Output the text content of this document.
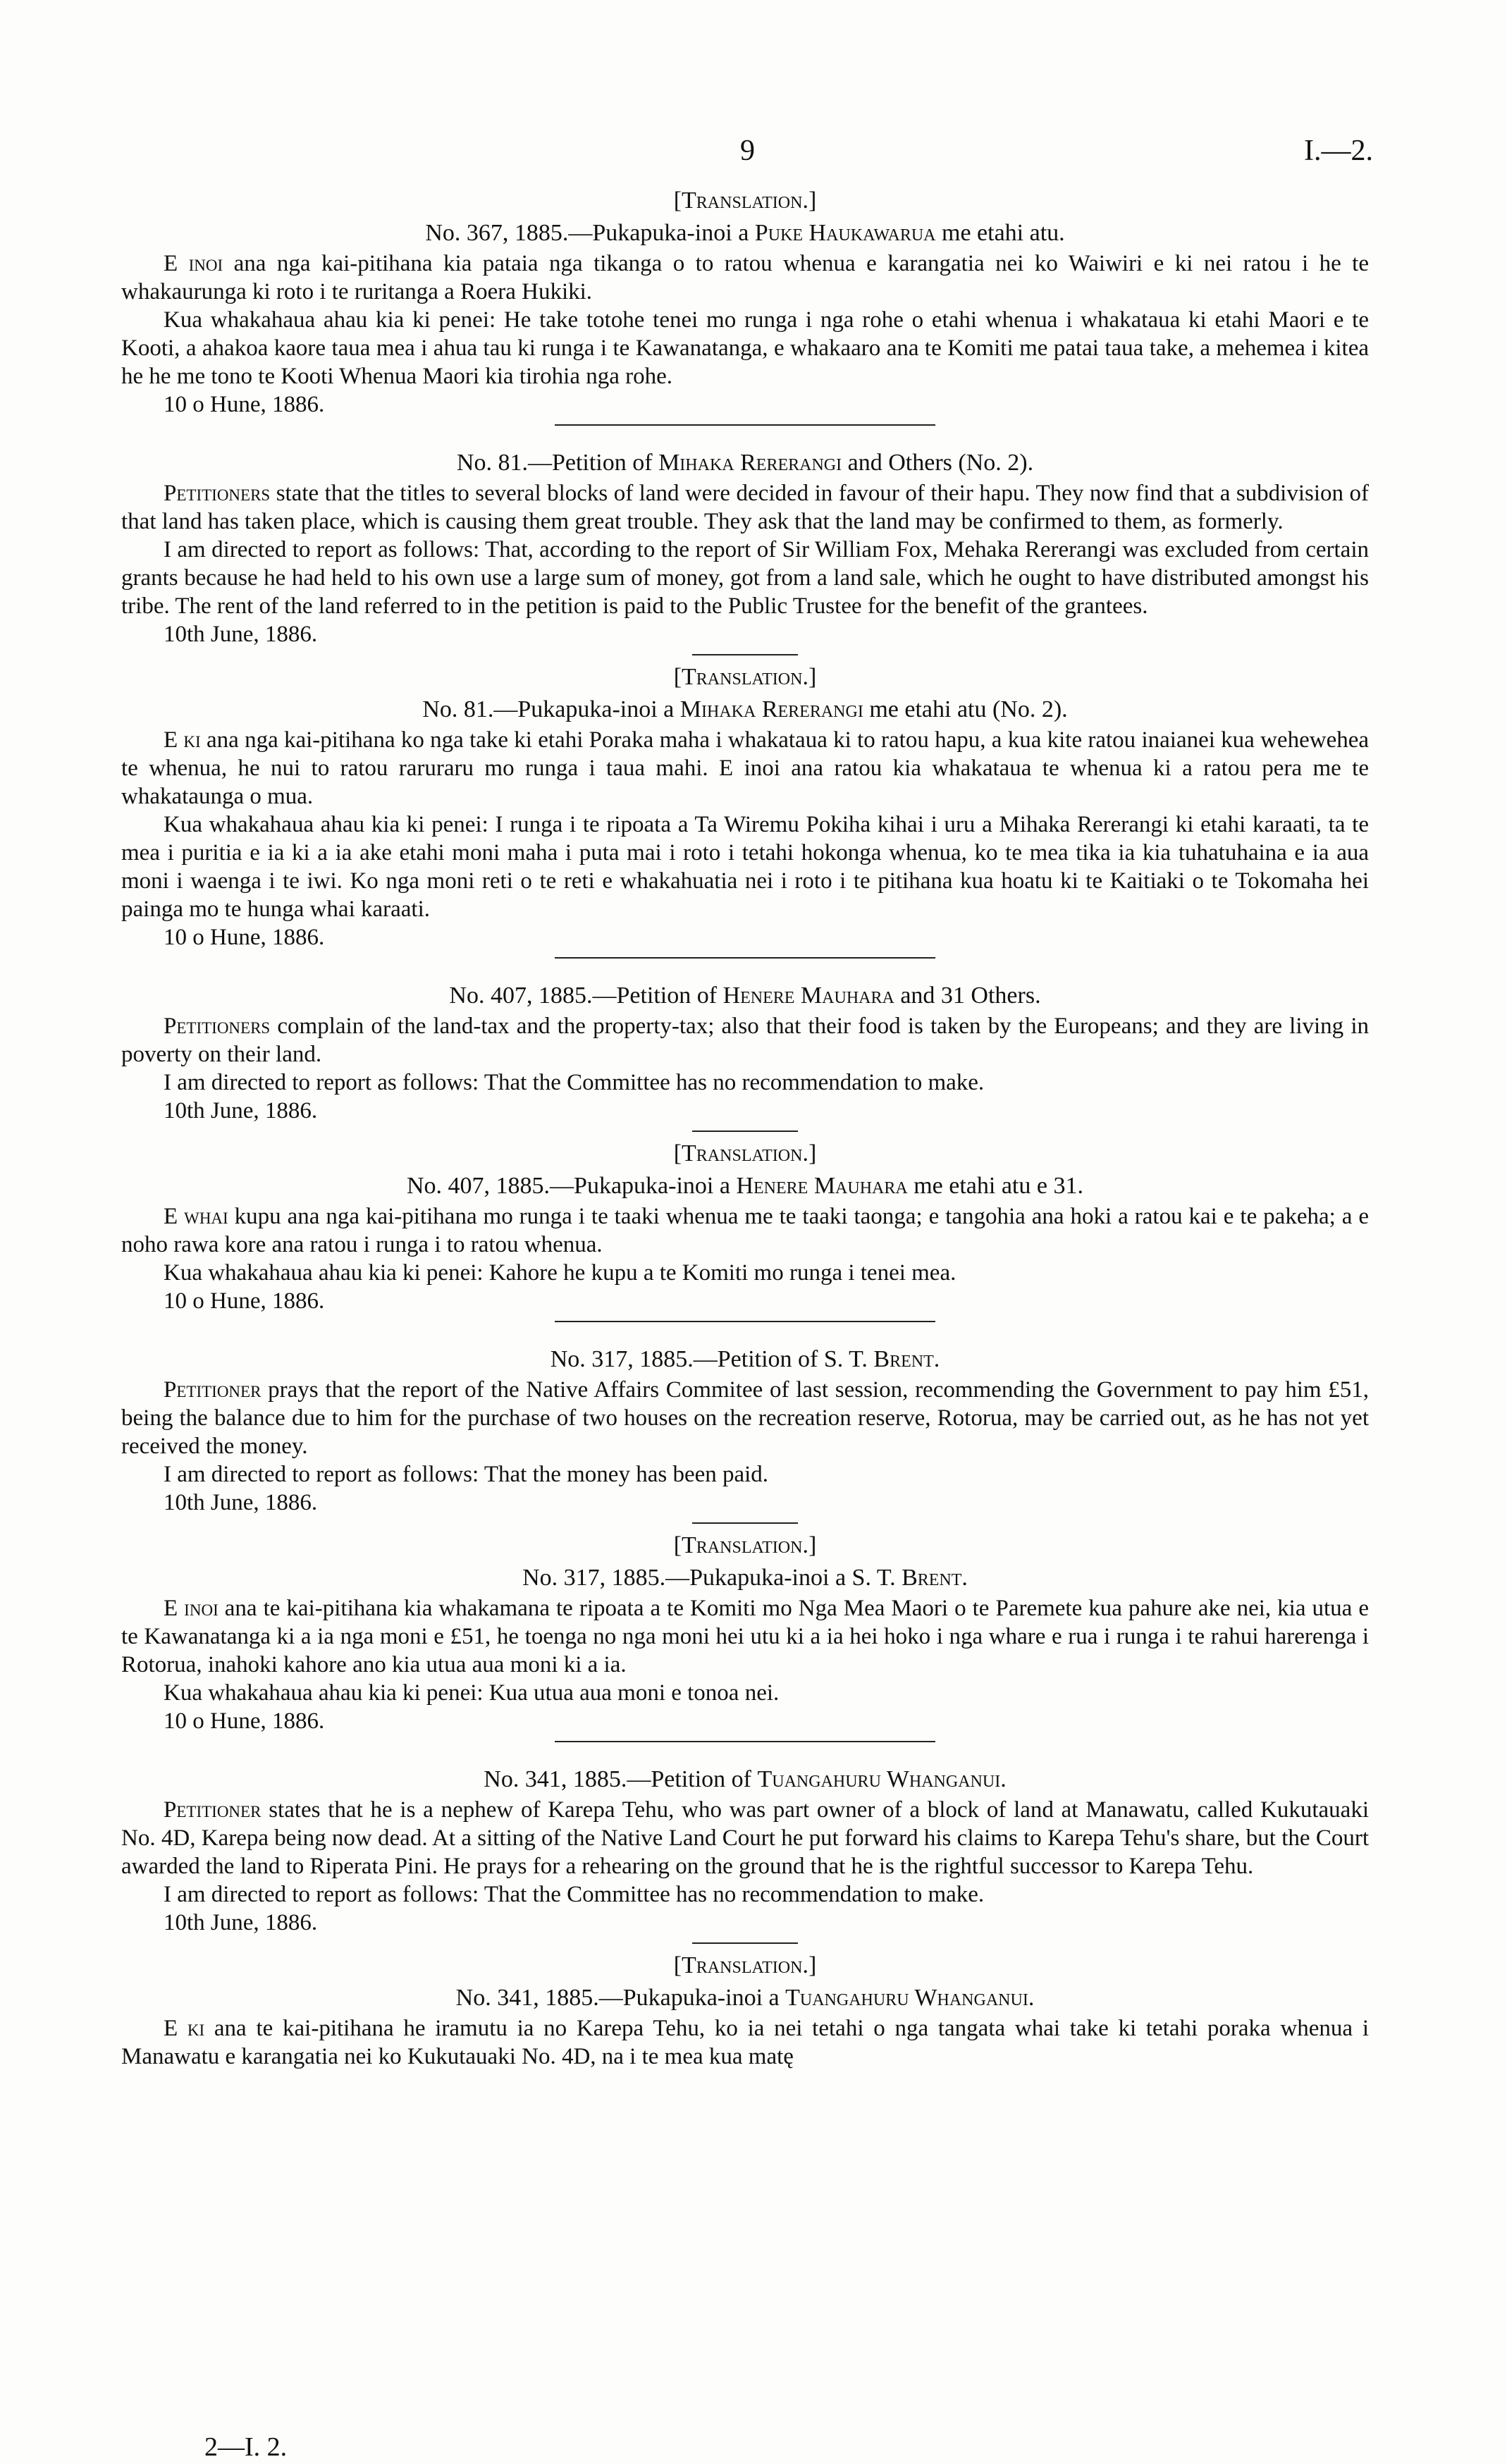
9	I.—2.
[Translation.]
No. 367, 1885.—Pukapuka-inoi a Puke Haukawarua me etahi atu.
E inoi ana nga kai-pitihana kia pataia nga tikanga o to ratou whenua e karangatia nei ko Waiwiri e ki nei ratou i he te whakaurunga ki roto i te ruritanga a Roera Hukiki.
Kua whakahaua ahau kia ki penei: He take totohe tenei mo runga i nga rohe o etahi whenua i whakataua ki etahi Maori e te Kooti, a ahakoa kaore taua mea i ahua tau ki runga i te Kawanatanga, e whakaaro ana te Komiti me patai taua take, a mehemea i kitea he he me tono te Kooti Whenua Maori kia tirohia nga rohe.
10 o Hune, 1886.
No. 81.—Petition of Mihaka Rererangi and Others (No. 2).
Petitioners state that the titles to several blocks of land were decided in favour of their hapu. They now find that a subdivision of that land has taken place, which is causing them great trouble. They ask that the land may be confirmed to them, as formerly.
I am directed to report as follows: That, according to the report of Sir William Fox, Mehaka Rererangi was excluded from certain grants because he had held to his own use a large sum of money, got from a land sale, which he ought to have distributed amongst his tribe. The rent of the land referred to in the petition is paid to the Public Trustee for the benefit of the grantees.
10th June, 1886.
[Translation.]
No. 81.—Pukapuka-inoi a Mihaka Rererangi me etahi atu (No. 2).
E ki ana nga kai-pitihana ko nga take ki etahi Poraka maha i whakataua ki to ratou hapu, a kua kite ratou inaianei kua wehewehea te whenua, he nui to ratou raruraru mo runga i taua mahi. E inoi ana ratou kia whakataua te whenua ki a ratou pera me te whakataunga o mua.
Kua whakahaua ahau kia ki penei: I runga i te ripoata a Ta Wiremu Pokiha kihai i uru a Mihaka Rererangi ki etahi karaati, ta te mea i puritia e ia ki a ia ake etahi moni maha i puta mai i roto i tetahi hokonga whenua, ko te mea tika ia kia tuhatuhaina e ia aua moni i waenga i te iwi. Ko nga moni reti o te reti e whakahuatia nei i roto i te pitihana kua hoatu ki te Kaitiaki o te Tokomaha hei painga mo te hunga whai karaati.
10 o Hune, 1886.
No. 407, 1885.—Petition of Henere Mauhara and 31 Others.
Petitioners complain of the land-tax and the property-tax; also that their food is taken by the Europeans; and they are living in poverty on their land.
I am directed to report as follows: That the Committee has no recommendation to make.
10th June, 1886.
[Translation.]
No. 407, 1885.—Pukapuka-inoi a Henere Mauhara me etahi atu e 31.
E whai kupu ana nga kai-pitihana mo runga i te taaki whenua me te taaki taonga; e tangohia ana hoki a ratou kai e te pakeha; a e noho rawa kore ana ratou i runga i to ratou whenua.
Kua whakahaua ahau kia ki penei: Kahore he kupu a te Komiti mo runga i tenei mea.
10 o Hune, 1886.
No. 317, 1885.—Petition of S. T. Brent.
Petitioner prays that the report of the Native Affairs Commitee of last session, recommending the Government to pay him £51, being the balance due to him for the purchase of two houses on the recreation reserve, Rotorua, may be carried out, as he has not yet received the money.
I am directed to report as follows: That the money has been paid.
10th June, 1886.
[Translation.]
No. 317, 1885.—Pukapuka-inoi a S. T. Brent.
E inoi ana te kai-pitihana kia whakamana te ripoata a te Komiti mo Nga Mea Maori o te Paremete kua pahure ake nei, kia utua e te Kawanatanga ki a ia nga moni e £51, he toenga no nga moni hei utu ki a ia hei hoko i nga whare e rua i runga i te rahui harerenga i Rotorua, inahoki kahore ano kia utua aua moni ki a ia.
Kua whakahaua ahau kia ki penei: Kua utua aua moni e tonoa nei.
10 o Hune, 1886.
No. 341, 1885.—Petition of Tuangahuru Whanganui.
Petitioner states that he is a nephew of Karepa Tehu, who was part owner of a block of land at Manawatu, called Kukutauaki No. 4D, Karepa being now dead. At a sitting of the Native Land Court he put forward his claims to Karepa Tehu's share, but the Court awarded the land to Riperata Pini. He prays for a rehearing on the ground that he is the rightful successor to Karepa Tehu.
I am directed to report as follows: That the Committee has no recommendation to make.
10th June, 1886.
[Translation.]
No. 341, 1885.—Pukapuka-inoi a Tuangahuru Whanganui.
E ki ana te kai-pitihana he iramutu ia no Karepa Tehu, ko ia nei tetahi o nga tangata whai take ki tetahi poraka whenua i Manawatu e karangatia nei ko Kukutauaki No. 4D, na i te mea kua matę
2—I. 2.
